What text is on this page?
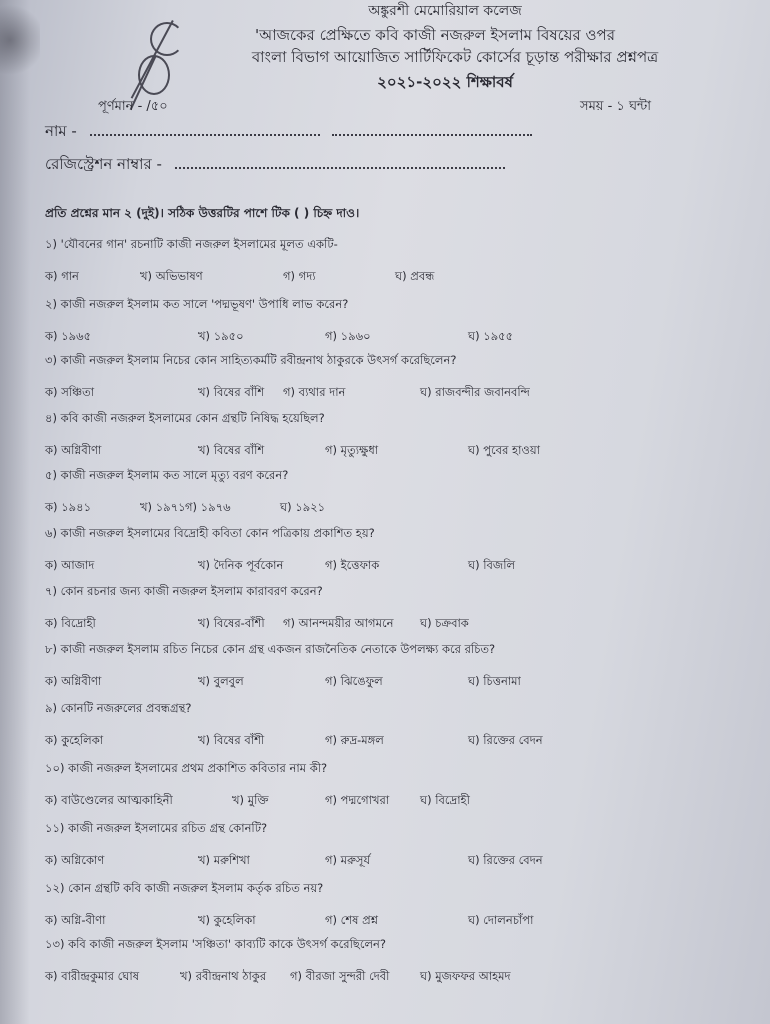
অঙ্কুরশী মেমোরিয়াল কলেজ
'আজকের প্রেক্ষিতে কবি কাজী নজরুল ইসলাম বিষয়ের ওপর
বাংলা বিভাগ আয়োজিত সার্টিফিকেট কোর্সের চূড়ান্ত পরীক্ষার প্রশ্নপত্র
২০২১-২০২২ শিক্ষাবর্ষ
পূর্ণমান - /৫০	সময় - ১ ঘন্টা
নাম -
রেজিস্ট্রেশন নাম্বার -
প্রতি প্রশ্নের মান ২ (দুই)। সঠিক উত্তরটির পাশে টিক ( ) চিহ্ন দাও।
১) 'যৌবনের গান' রচনাটি কাজী নজরুল ইসলামের মূলত একটি-
ক) গান	খ) অভিভাষণ	গ) গদ্য	ঘ) প্রবন্ধ
২) কাজী নজরুল ইসলাম কত সালে 'পদ্মভূষণ' উপাধি লাভ করেন?
ক) ১৯৬৫	খ) ১৯৫০	গ) ১৯৬০	ঘ) ১৯৫৫
৩) কাজী নজরুল ইসলাম নিচের কোন সাহিত্যকর্মটি রবীন্দ্রনাথ ঠাকুরকে উৎসর্গ করেছিলেন?
ক) সঞ্চিতা	খ) বিষের বাঁশি গ) ব্যথার দান	ঘ) রাজবন্দীর জবানবন্দি
৪) কবি কাজী নজরুল ইসলামের কোন গ্রন্থটি নিষিদ্ধ হয়েছিল?
ক) অগ্নিবীণা	খ) বিষের বাঁশি	গ) মৃত্যুক্ষুধা	ঘ) পুবের হাওয়া
৫) কাজী নজরুল ইসলাম কত সালে মৃত্যু বরণ করেন?
ক) ১৯৪১	খ) ১৯৭১ গ) ১৯৭৬	ঘ) ১৯২১
৬) কাজী নজরুল ইসলামের বিদ্রোহী কবিতা কোন পত্রিকায় প্রকাশিত হয়?
ক) আজাদ	খ) দৈনিক পূর্বকোন	গ) ইত্তেফাক	ঘ) বিজলি
৭) কোন রচনার জন্য কাজী নজরুল ইসলাম কারাবরণ করেন?
ক) বিদ্রোহী	খ) বিষের-বাঁশী গ) আনন্দময়ীর আগমনে ঘ) চক্রবাক
৮) কাজী নজরুল ইসলাম রচিত নিচের কোন গ্রন্থ একজন রাজনৈতিক নেতাকে উপলক্ষ্য করে রচিত?
ক) অগ্নিবীণা	খ) বুলবুল	গ) ঝিঙেফুল	ঘ) চিত্তনামা
৯) কোনটি নজরুলের প্রবন্ধগ্রন্থ?
ক) কুহেলিকা	খ) বিষের বাঁশী	গ) রুদ্র-মঙ্গল	ঘ) রিক্তের বেদন
১০) কাজী নজরুল ইসলামের প্রথম প্রকাশিত কবিতার নাম কী?
ক) বাউণ্ডেলের আত্মকাহিনী	খ) মুক্তি	গ) পদ্মগোখরা	ঘ) বিদ্রোহী
১১) কাজী নজরুল ইসলামের রচিত গ্রন্থ কোনটি?
ক) অগ্নিকোণ	খ) মরুশিখা	গ) মরুসূর্য	ঘ) রিক্তের বেদন
১২) কোন গ্রন্থটি কবি কাজী নজরুল ইসলাম কর্তৃক রচিত নয়?
ক) অগ্নি-বীণা	খ) কুহেলিকা	গ) শেষ প্রশ্ন	ঘ) দোলনচাঁপা
১৩) কবি কাজী নজরুল ইসলাম 'সঞ্চিতা' কাব্যটি কাকে উৎসর্গ করেছিলেন?
ক) বারীন্দ্রকুমার ঘোষ	খ) রবীন্দ্রনাথ ঠাকুর গ) বীরজা সুন্দরী দেবী	ঘ) মুজফফর আহমদ
